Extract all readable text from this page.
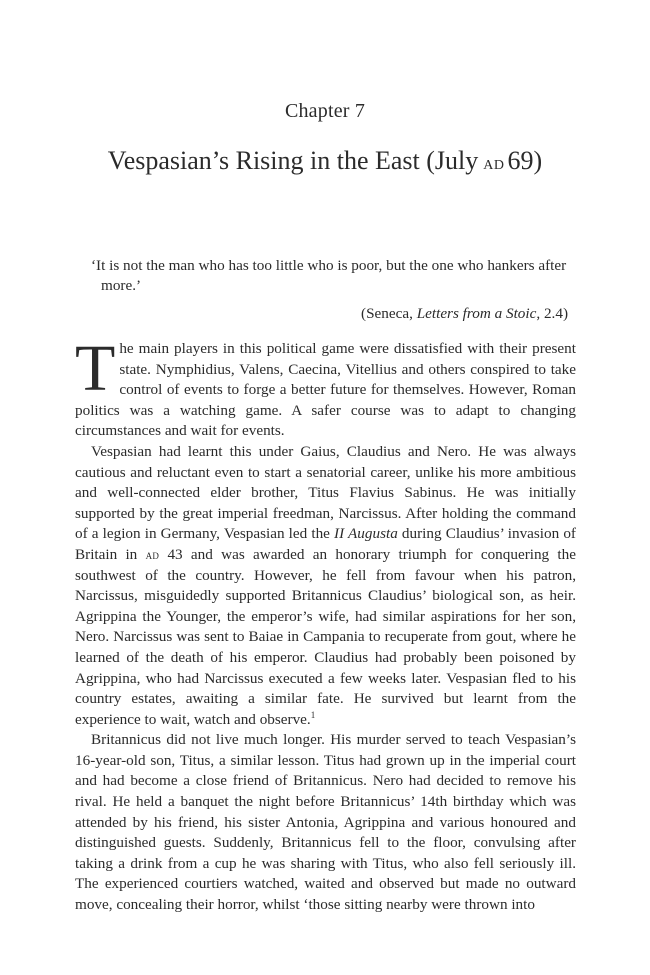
Chapter 7
Vespasian’s Rising in the East (July ad 69)

‘It is not the man who has too little who is poor, but the one who hankers after more.’

(Seneca, Letters from a Stoic, 2.4)

The main players in this political game were dissatisfied with their present state. Nymphidius, Valens, Caecina, Vitellius and others conspired to take control of events to forge a better future for themselves. However, Roman politics was a watching game. A safer course was to adapt to changing circumstances and wait for events.

Vespasian had learnt this under Gaius, Claudius and Nero. He was always cautious and reluctant even to start a senatorial career, unlike his more ambitious and well-connected elder brother, Titus Flavius Sabinus. He was initially supported by the great imperial freedman, Narcissus. After holding the command of a legion in Germany, Vespasian led the II Augusta during Claudius’ invasion of Britain in ad 43 and was awarded an honorary triumph for conquering the southwest of the country. However, he fell from favour when his patron, Narcissus, misguidedly supported Britannicus Claudius’ biological son, as heir. Agrippina the Younger, the emperor’s wife, had similar aspirations for her son, Nero. Narcissus was sent to Baiae in Campania to recuperate from gout, where he learned of the death of his emperor. Claudius had probably been poisoned by Agrippina, who had Narcissus executed a few weeks later. Vespasian fled to his country estates, awaiting a similar fate. He survived but learnt from the experience to wait, watch and observe.$^1$

Britannicus did not live much longer. His murder served to teach Vespasian’s 16-year-old son, Titus, a similar lesson. Titus had grown up in the imperial court and had become a close friend of Britannicus. Nero had decided to remove his rival. He held a banquet the night before Britannicus’ 14th birthday which was attended by his friend, his sister Antonia, Agrippina and various honoured and distinguished guests. Suddenly, Britannicus fell to the floor, convulsing after taking a drink from a cup he was sharing with Titus, who also fell seriously ill. The experienced courtiers watched, waited and observed but made no outward move, concealing their horror, whilst ‘those sitting nearby were thrown into
